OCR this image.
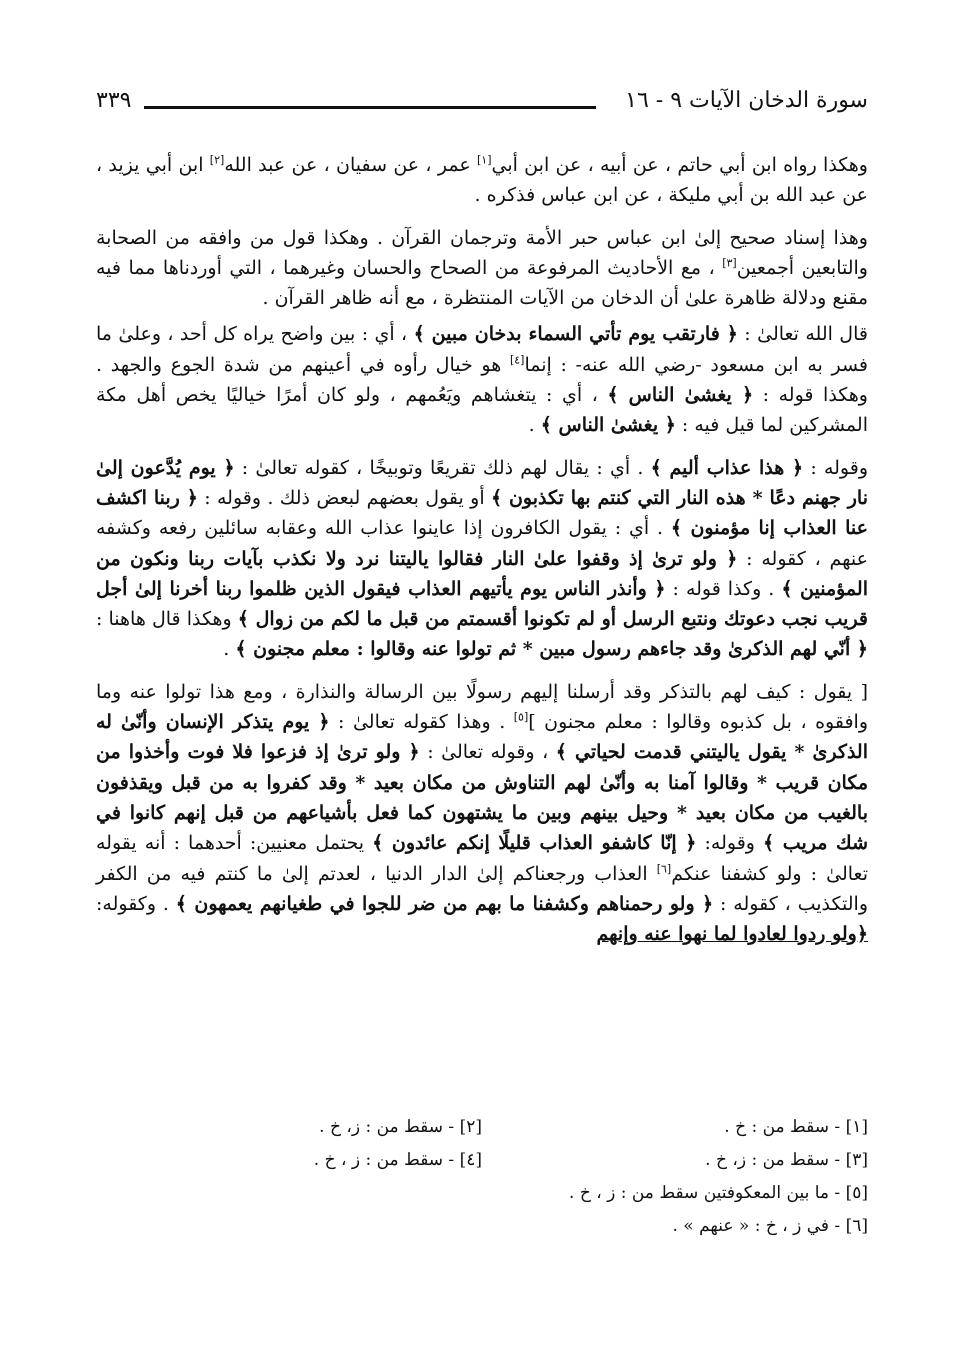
سورة الدخان الآيات ٩ - ١٦
٣٣٩

وهكذا رواه ابن أبي حاتم ، عن أبيه ، عن ابن أبي[١] عمر ، عن سفيان ، عن عبد الله[٢] ابن أبي يزيد ، عن عبد الله بن أبي مليكة ، عن ابن عباس فذكره .

وهذا إسناد صحيح إلىٰ ابن عباس حبر الأمة وترجمان القرآن . وهكذا قول من وافقه من الصحابة والتابعين أجمعين[٣] ، مع الأحاديث المرفوعة من الصحاح والحسان وغيرهما ، التي أوردناها مما فيه مقنع ودلالة ظاهرة علىٰ أن الدخان من الآيات المنتظرة ، مع أنه ظاهر القرآن .

قال الله تعالىٰ : ﴿ فارتقب يوم تأتي السماء بدخان مبين ﴾ ، أي : بين واضح يراه كل أحد ، وعلىٰ ما فسر به ابن مسعود -رضي الله عنه- : إنما[٤] هو خيال رأوه في أعينهم من شدة الجوع والجهد . وهكذا قوله : ﴿ يغشىٰ الناس ﴾ ، أي : يتغشاهم ويَعُمهم ، ولو كان أمرًا خياليًا يخص أهل مكة المشركين لما قيل فيه : ﴿ يغشىٰ الناس ﴾ .

وقوله : ﴿ هذا عذاب أليم ﴾ . أي : يقال لهم ذلك تقريعًا وتوبيخًا ، كقوله تعالىٰ : ﴿ يوم يُدَّعون إلىٰ نار جهنم دعًا * هذه النار التي كنتم بها تكذبون ﴾ أو يقول بعضهم لبعض ذلك . وقوله : ﴿ ربنا اكشف عنا العذاب إنا مؤمنون ﴾ . أي : يقول الكافرون إذا عاينوا عذاب الله وعقابه سائلين رفعه وكشفه عنهم ، كقوله : ﴿ ولو ترىٰ إذ وقفوا علىٰ النار فقالوا ياليتنا نرد ولا نكذب بآيات ربنا ونكون من المؤمنين ﴾ . وكذا قوله : ﴿ وأنذر الناس يوم يأتيهم العذاب فيقول الذين ظلموا ربنا أخرنا إلىٰ أجل قريب نجب دعوتك ونتبع الرسل أو لم تكونوا أقسمتم من قبل ما لكم من زوال ﴾ وهكذا قال هاهنا : ﴿ أنّي لهم الذكرىٰ وقد جاءهم رسول مبين * ثم تولوا عنه وقالوا : معلم مجنون ﴾ .

[ يقول : كيف لهم بالتذكر وقد أرسلنا إليهم رسولًا بين الرسالة والنذارة ، ومع هذا تولوا عنه وما وافقوه ، بل كذبوه وقالوا : معلم مجنون ][٥] . وهذا كقوله تعالىٰ : ﴿ يوم يتذكر الإنسان وأنّىٰ له الذكرىٰ * يقول ياليتني قدمت لحياتي ﴾ ، وقوله تعالىٰ : ﴿ ولو ترىٰ إذ فزعوا فلا فوت وأخذوا من مكان قريب * وقالوا آمنا به وأنّىٰ لهم التناوش من مكان بعيد * وقد كفروا به من قبل ويقذفون بالغيب من مكان بعيد * وحيل بينهم وبين ما يشتهون كما فعل بأشياعهم من قبل إنهم كانوا في شك مريب ﴾ وقوله: ﴿ إنّا كاشفو العذاب قليلًا إنكم عائدون ﴾ يحتمل معنيين: أحدهما : أنه يقوله تعالىٰ : ولو كشفنا عنكم[٦] العذاب ورجعناكم إلىٰ الدار الدنيا ، لعدتم إلىٰ ما كنتم فيه من الكفر والتكذيب ، كقوله : ﴿ ولو رحمناهم وكشفنا ما بهم من ضر للجوا في طغيانهم يعمهون ﴾ . وكقوله: ﴿ولو ردوا لعادوا لما نهوا عنه وإنهم

[١] - سقط من : خ .
[٢] - سقط من : ز، خ .
[٣] - سقط من : ز، خ .
[٤] - سقط من : ز ، خ .
[٥] - ما بين المعكوفتين سقط من : ز ، خ .
[٦] - في ز ، خ : « عنهم » .
